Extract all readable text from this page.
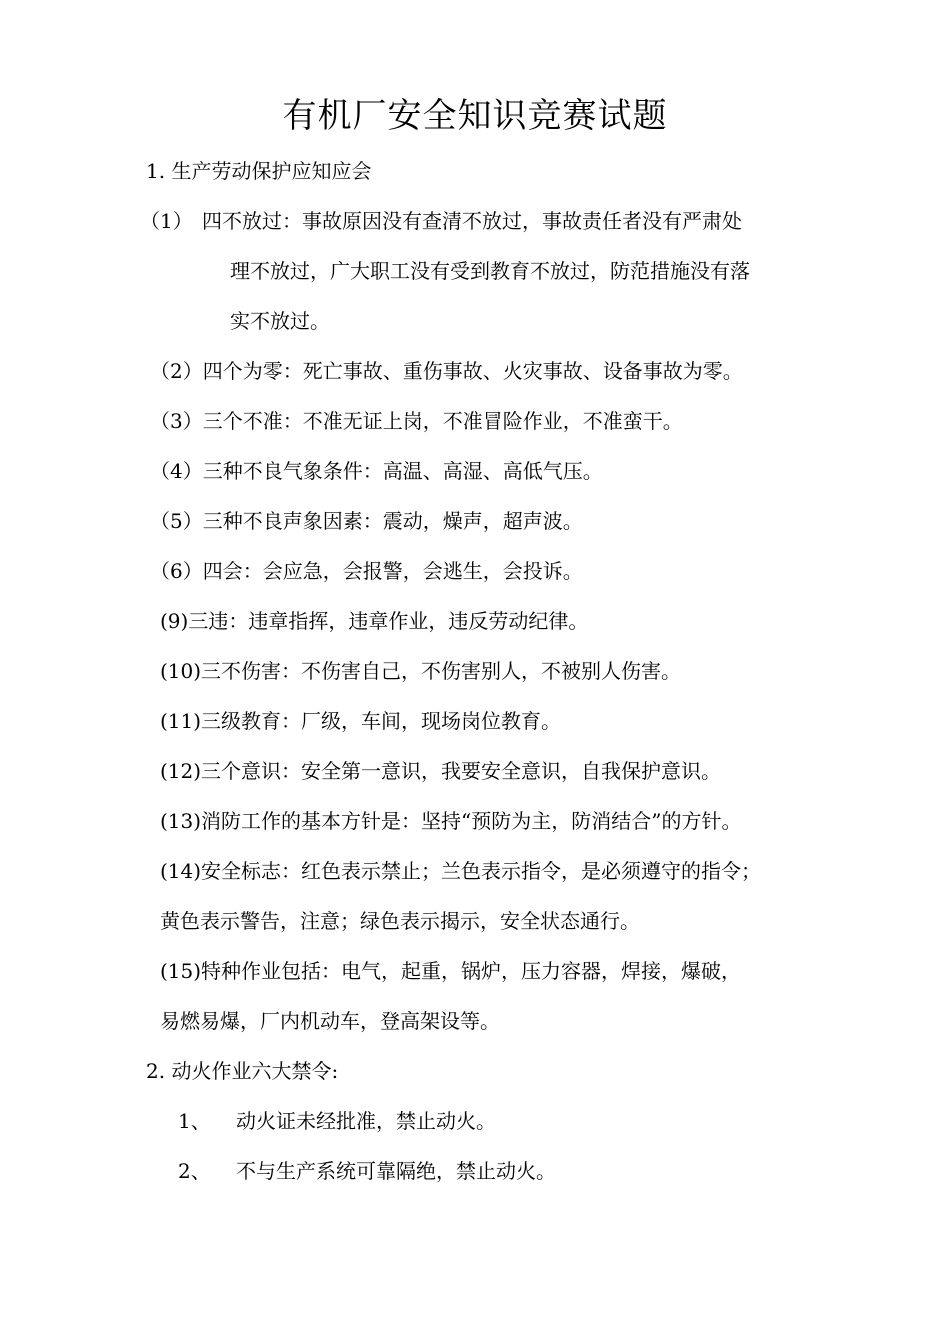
有机厂安全知识竞赛试题
1. 生产劳动保护应知应会
（1） 四不放过：事故原因没有查清不放过，事故责任者没有严肃处
理不放过，广大职工没有受到教育不放过，防范措施没有落
实不放过。
（2）四个为零：死亡事故、重伤事故、火灾事故、设备事故为零。
（3）三个不准：不准无证上岗，不准冒险作业，不准蛮干。
（4）三种不良气象条件：高温、高湿、高低气压。
（5）三种不良声象因素：震动，燥声，超声波。
（6）四会：会应急，会报警，会逃生，会投诉。
(9)三违：违章指挥，违章作业，违反劳动纪律。
(10)三不伤害：不伤害自己，不伤害别人，不被别人伤害。
(11)三级教育：厂级，车间，现场岗位教育。
(12)三个意识：安全第一意识，我要安全意识，自我保护意识。
(13)消防工作的基本方针是：坚持“预防为主，防消结合”的方针。
(14)安全标志：红色表示禁止；兰色表示指令，是必须遵守的指令；
黄色表示警告，注意；绿色表示揭示，安全状态通行。
(15)特种作业包括：电气，起重，锅炉，压力容器，焊接，爆破，
易燃易爆，厂内机动车，登高架设等。
2. 动火作业六大禁令:
1、 动火证未经批准，禁止动火。
2、 不与生产系统可靠隔绝，禁止动火。
